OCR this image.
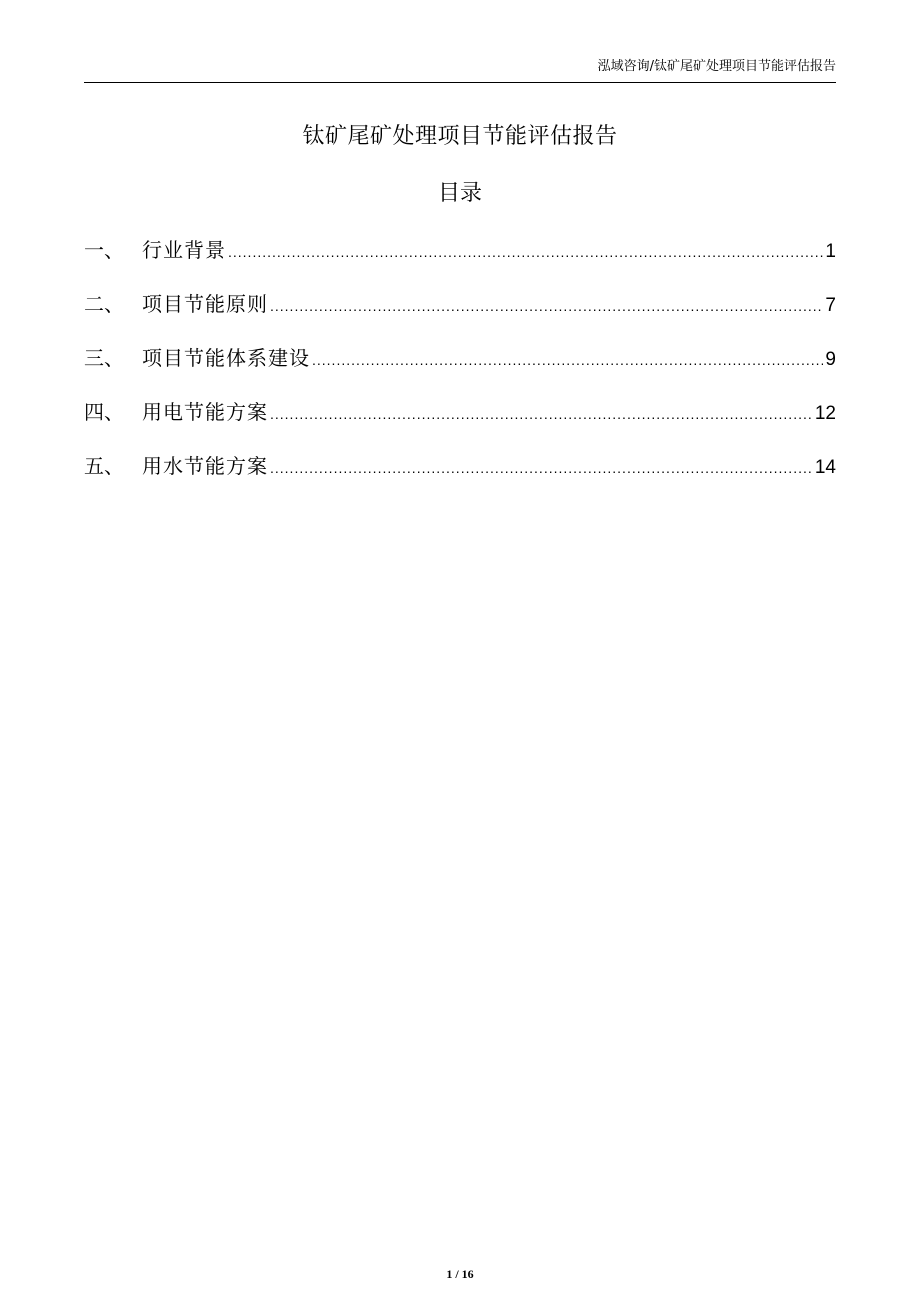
泓域咨询/钛矿尾矿处理项目节能评估报告
钛矿尾矿处理项目节能评估报告
目录
一、 行业背景 .....	1
二、 项目节能原则 .....	7
三、 项目节能体系建设 .....	9
四、 用电节能方案 .....	12
五、 用水节能方案 .....	14
1 / 16
